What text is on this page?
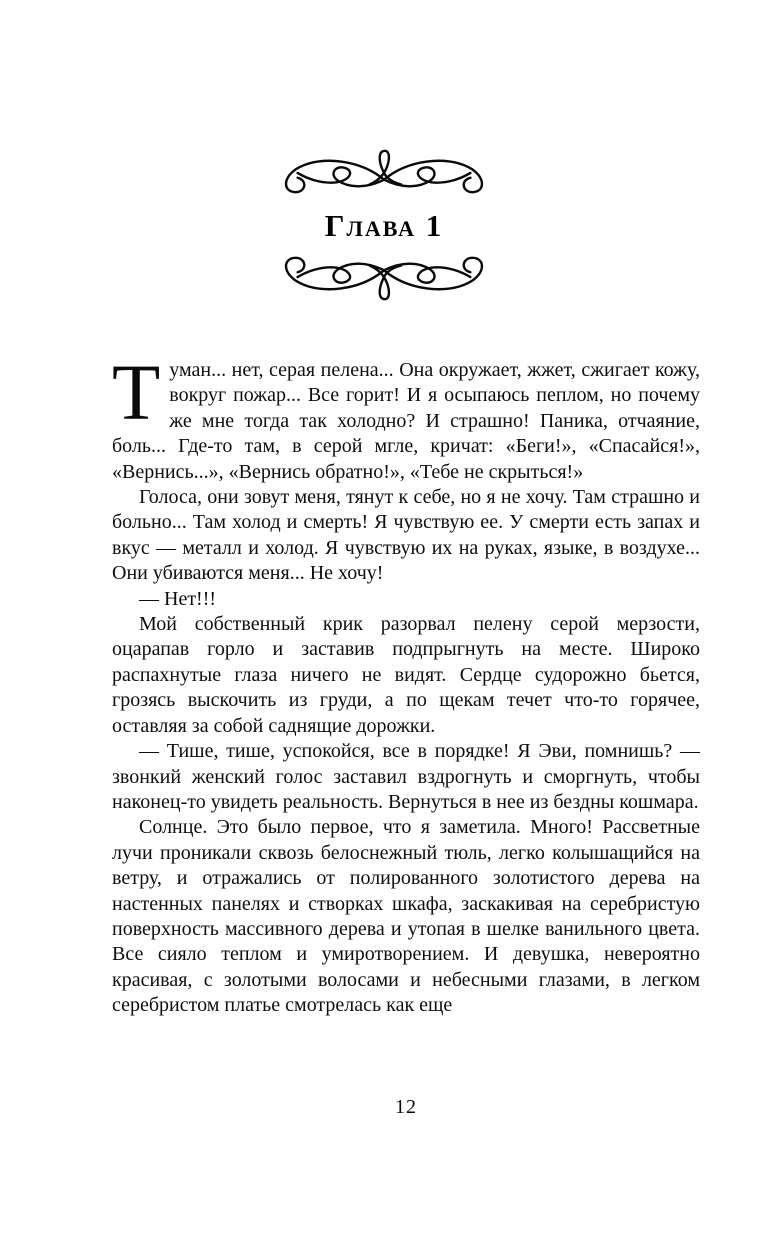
Глава 1

Туман... нет, серая пелена... Она окружает, жжет, сжигает кожу, вокруг пожар... Все горит! И я осыпаюсь пеплом, но почему же мне тогда так холодно? И страшно! Паника, отчаяние, боль... Где-то там, в серой мгле, кричат: «Беги!», «Спасайся!», «Вернись...», «Вернись обратно!», «Тебе не скрыться!»

Голоса, они зовут меня, тянут к себе, но я не хочу. Там страшно и больно... Там холод и смерть! Я чувствую ее. У смерти есть запах и вкус — металл и холод. Я чувствую их на руках, языке, в воздухе... Они убиваются меня... Не хочу!

— Нет!!!

Мой собственный крик разорвал пелену серой мерзости, оцарапав горло и заставив подпрыгнуть на месте. Широко распахнутые глаза ничего не видят. Сердце судорожно бьется, грозясь выскочить из груди, а по щекам течет что-то горячее, оставляя за собой саднящие дорожки.

— Тише, тише, успокойся, все в порядке! Я Эви, помнишь? — звонкий женский голос заставил вздрогнуть и сморгнуть, чтобы наконец-то увидеть реальность. Вернуться в нее из бездны кошмара.

Солнце. Это было первое, что я заметила. Много! Рассветные лучи проникали сквозь белоснежный тюль, легко колышащийся на ветру, и отражались от полированного золотистого дерева на настенных панелях и створках шкафа, заскакивая на серебристую поверхность массивного дерева и утопая в шелке ванильного цвета. Все сияло теплом и умиротворением. И девушка, невероятно красивая, с золотыми волосами и небесными глазами, в легком серебристом платье смотрелась как еще

12
